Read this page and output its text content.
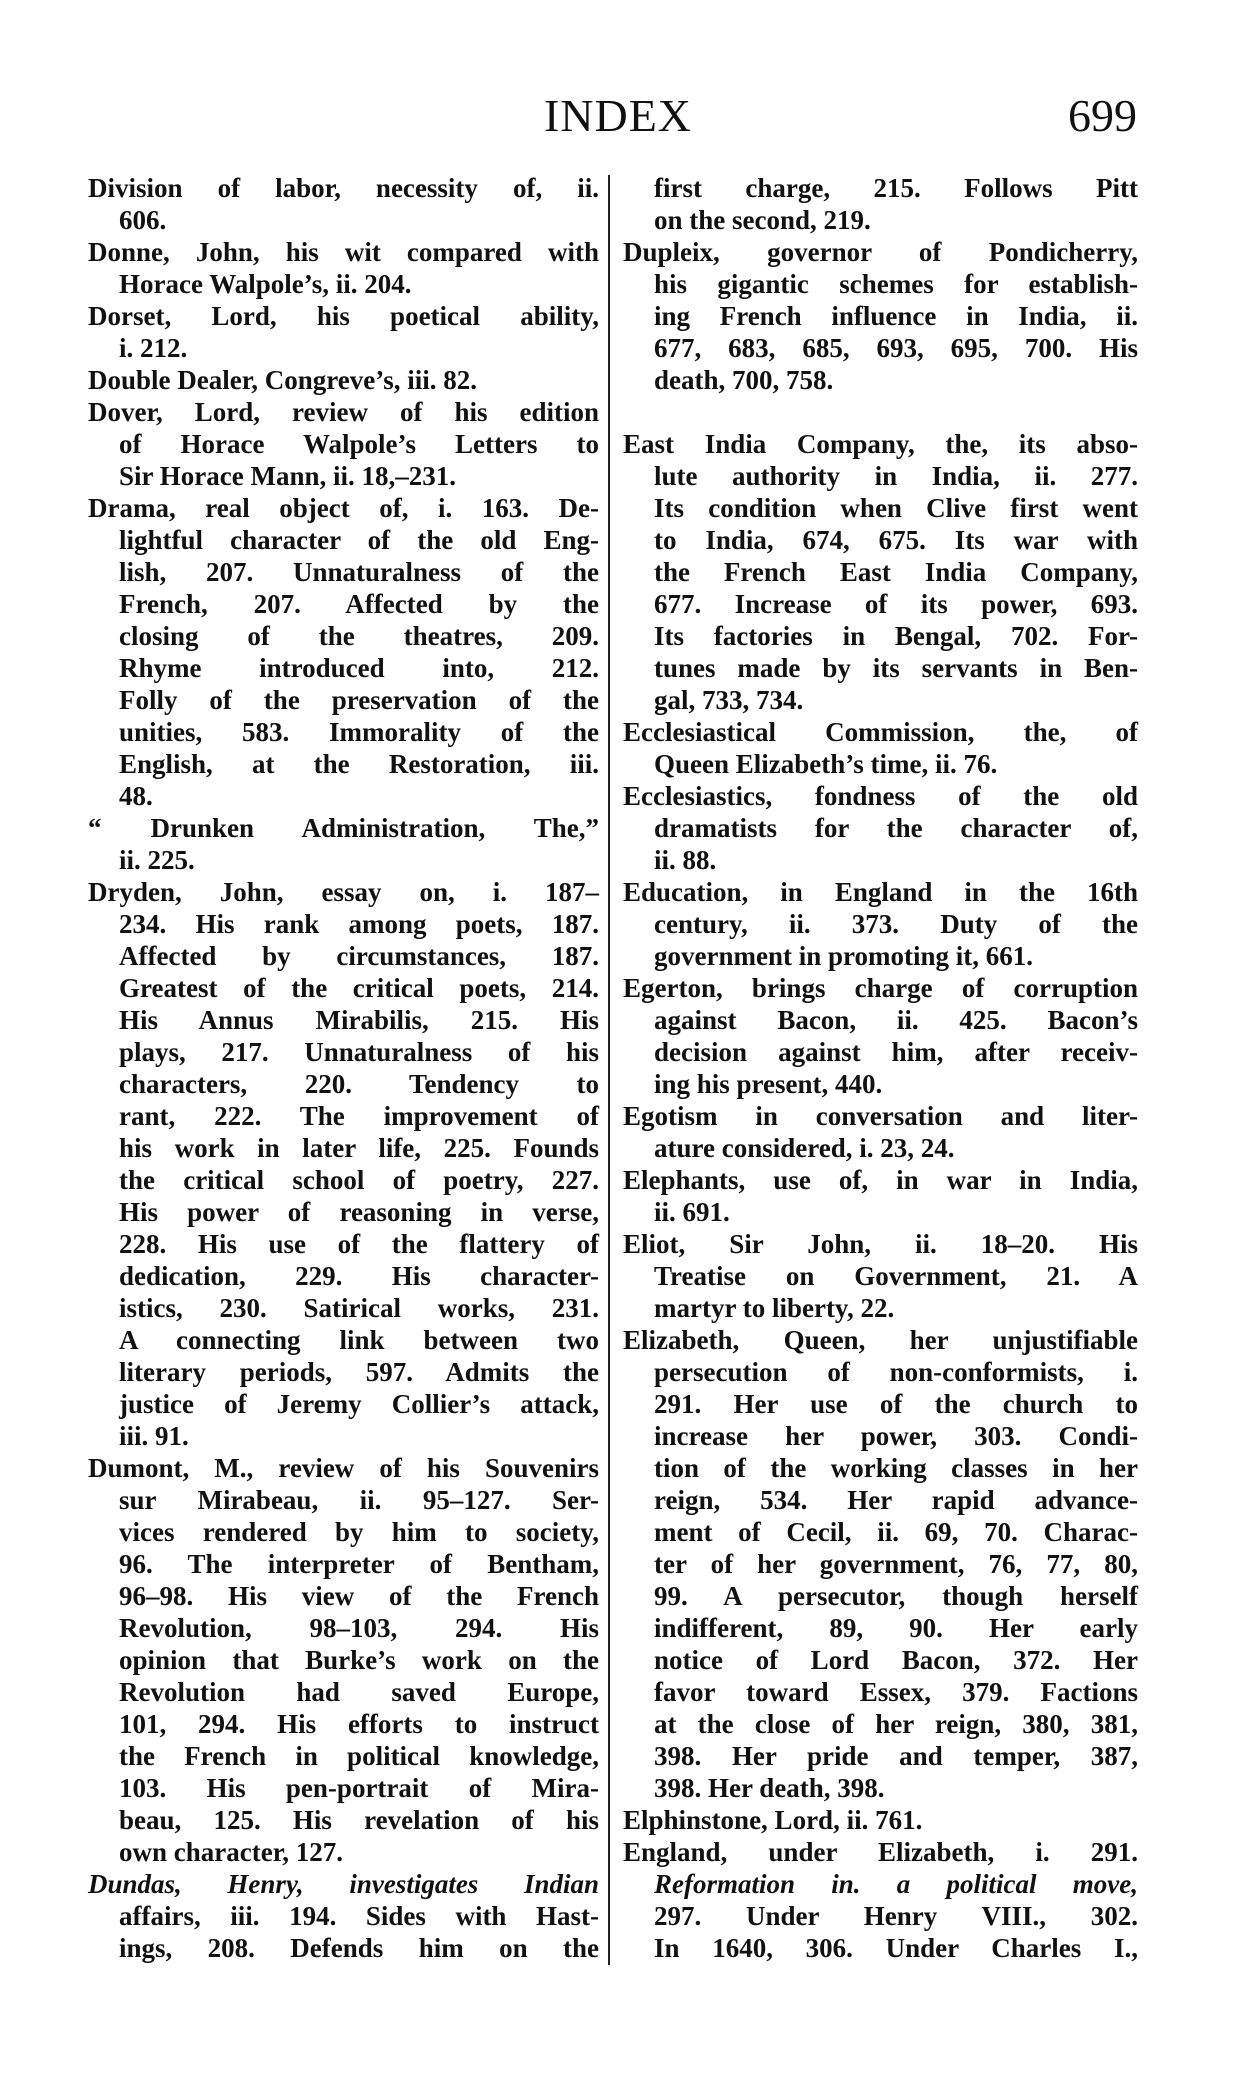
INDEX	699
Division of labor, necessity of, ii.
606.
Donne, John, his wit compared with
Horace Walpole’s, ii. 204.
Dorset, Lord, his poetical ability,
i. 212.
Double Dealer, Congreve’s, iii. 82.
Dover, Lord, review of his edition
of Horace Walpole’s Letters to
Sir Horace Mann, ii. 18,–231.
Drama, real object of, i. 163. De-
lightful character of the old Eng-
lish, 207. Unnaturalness of the
French, 207. Affected by the
closing of the theatres, 209.
Rhyme introduced into, 212.
Folly of the preservation of the
unities, 583. Immorality of the
English, at the Restoration, iii.
48.
“ Drunken Administration, The,”
ii. 225.
Dryden, John, essay on, i. 187–
234. His rank among poets, 187.
Affected by circumstances, 187.
Greatest of the critical poets, 214.
His Annus Mirabilis, 215. His
plays, 217. Unnaturalness of his
characters, 220. Tendency to
rant, 222. The improvement of
his work in later life, 225. Founds
the critical school of poetry, 227.
His power of reasoning in verse,
228. His use of the flattery of
dedication, 229. His character-
istics, 230. Satirical works, 231.
A connecting link between two
literary periods, 597. Admits the
justice of Jeremy Collier’s attack,
iii. 91.
Dumont, M., review of his Souvenirs
sur Mirabeau, ii. 95–127. Ser-
vices rendered by him to society,
96. The interpreter of Bentham,
96–98. His view of the French
Revolution, 98–103, 294. His
opinion that Burke’s work on the
Revolution had saved Europe,
101, 294. His efforts to instruct
the French in political knowledge,
103. His pen-portrait of Mira-
beau, 125. His revelation of his
own character, 127.
Dundas, Henry, investigates Indian
affairs, iii. 194. Sides with Hast-
ings, 208. Defends him on the
first charge, 215. Follows Pitt
on the second, 219.
Dupleix, governor of Pondicherry,
his gigantic schemes for establish-
ing French influence in India, ii.
677, 683, 685, 693, 695, 700. His
death, 700, 758.
East India Company, the, its abso-
lute authority in India, ii. 277.
Its condition when Clive first went
to India, 674, 675. Its war with
the French East India Company,
677. Increase of its power, 693.
Its factories in Bengal, 702. For-
tunes made by its servants in Ben-
gal, 733, 734.
Ecclesiastical Commission, the, of
Queen Elizabeth’s time, ii. 76.
Ecclesiastics, fondness of the old
dramatists for the character of,
ii. 88.
Education, in England in the 16th
century, ii. 373. Duty of the
government in promoting it, 661.
Egerton, brings charge of corruption
against Bacon, ii. 425. Bacon’s
decision against him, after receiv-
ing his present, 440.
Egotism in conversation and liter-
ature considered, i. 23, 24.
Elephants, use of, in war in India,
ii. 691.
Eliot, Sir John, ii. 18–20. His
Treatise on Government, 21. A
martyr to liberty, 22.
Elizabeth, Queen, her unjustifiable
persecution of non-conformists, i.
291. Her use of the church to
increase her power, 303. Condi-
tion of the working classes in her
reign, 534. Her rapid advance-
ment of Cecil, ii. 69, 70. Charac-
ter of her government, 76, 77, 80,
99. A persecutor, though herself
indifferent, 89, 90. Her early
notice of Lord Bacon, 372. Her
favor toward Essex, 379. Factions
at the close of her reign, 380, 381,
398. Her pride and temper, 387,
398. Her death, 398.
Elphinstone, Lord, ii. 761.
England, under Elizabeth, i. 291.
Reformation in. a political move,
297. Under Henry VIII., 302.
In 1640, 306. Under Charles I.,
